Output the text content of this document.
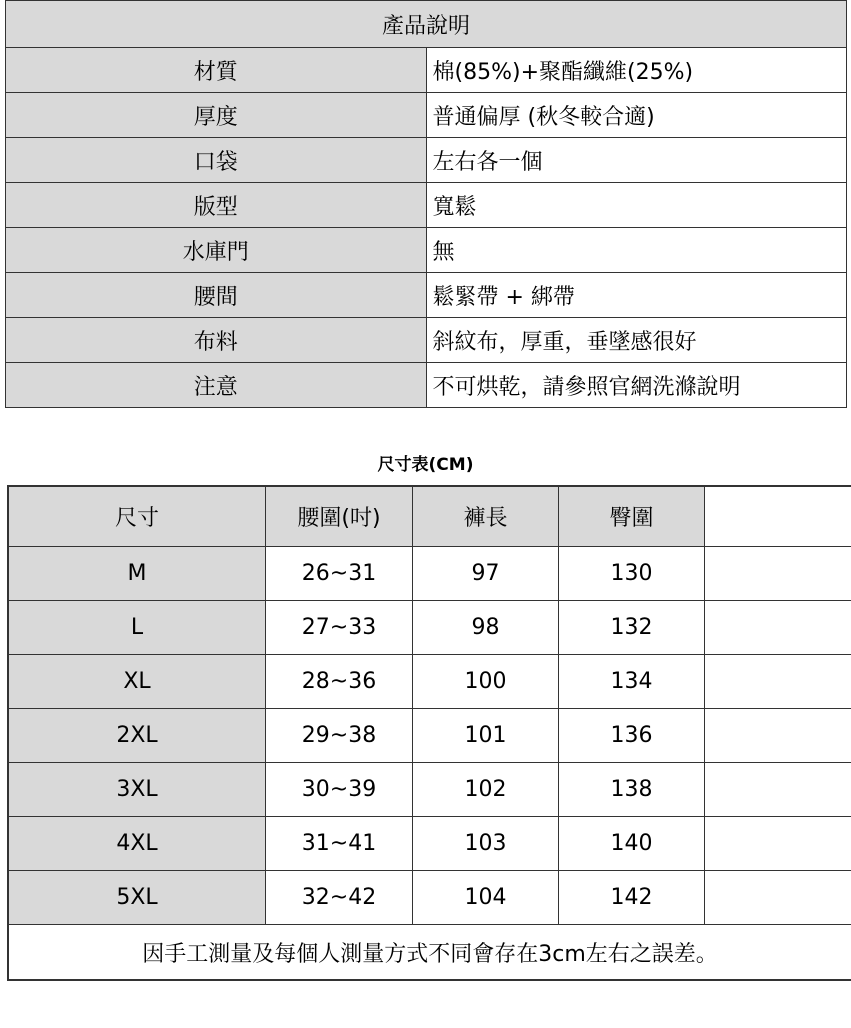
產品說明	
材質	棉(85%)+聚酯纖維(25%)
厚度	普通偏厚 (秋冬較合適)
口袋	左右各一個
版型	寬鬆
水庫門	無
腰間	鬆緊帶 + 綁帶
布料	斜紋布，厚重，垂墜感很好
注意	不可烘乾，請參照官網洗滌說明
尺寸表(CM)
尺寸	腰圍(吋)	褲長	臀圍	
M	26~31	97	130	
L	27~33	98	132	
XL	28~36	100	134	
2XL	29~38	101	136	
3XL	30~39	102	138	
4XL	31~41	103	140	
5XL	32~42	104	142	
因手工測量及每個人測量方式不同會存在3cm左右之誤差。				
